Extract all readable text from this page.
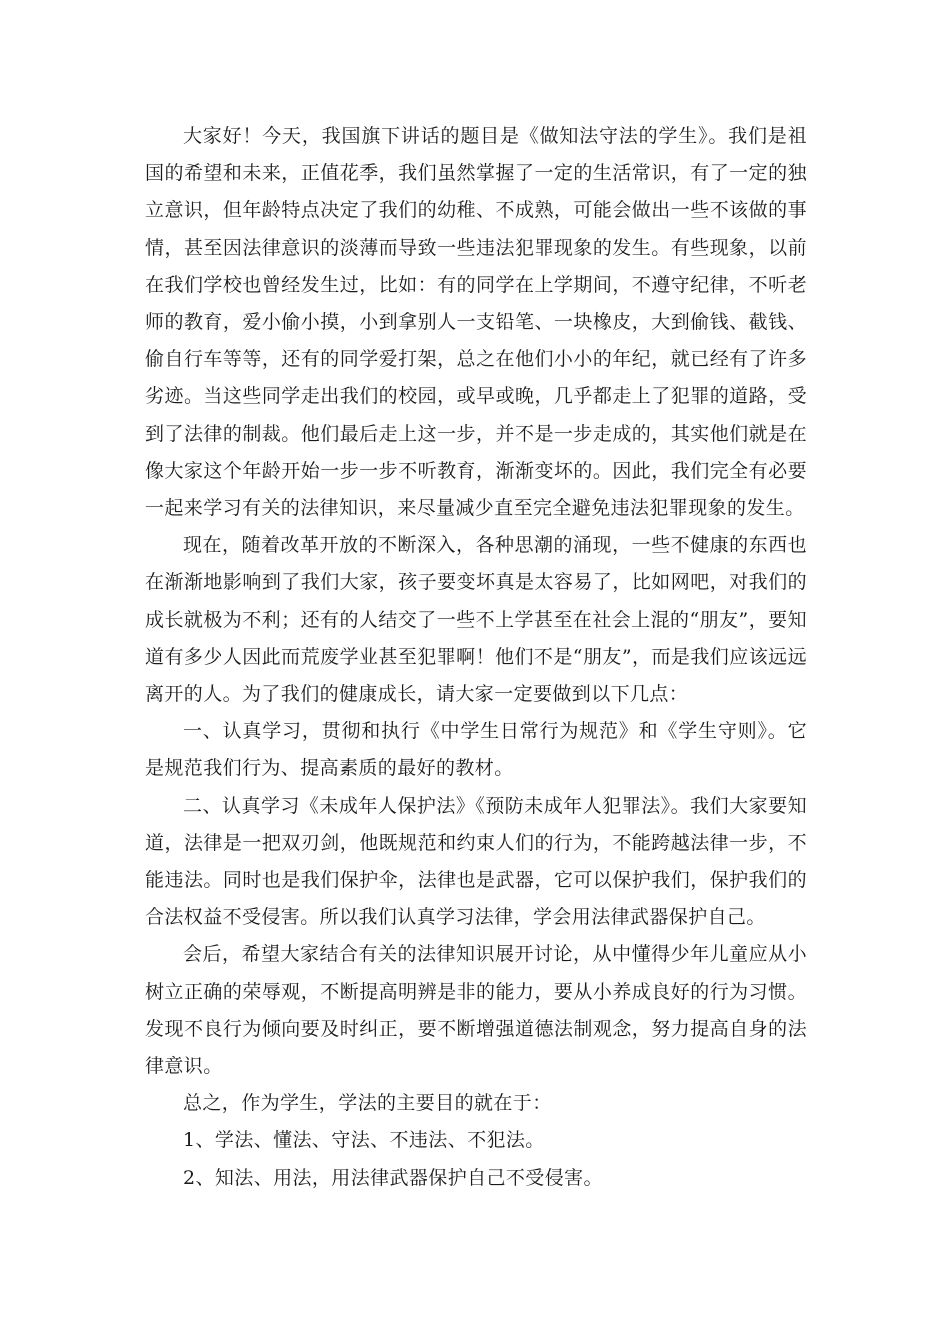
大家好！今天，我国旗下讲话的题目是《做知法守法的学生》。我们是祖国的希望和未来，正值花季，我们虽然掌握了一定的生活常识，有了一定的独立意识，但年龄特点决定了我们的幼稚、不成熟，可能会做出一些不该做的事情，甚至因法律意识的淡薄而导致一些违法犯罪现象的发生。有些现象，以前在我们学校也曾经发生过，比如：有的同学在上学期间，不遵守纪律，不听老师的教育，爱小偷小摸，小到拿别人一支铅笔、一块橡皮，大到偷钱、截钱、偷自行车等等，还有的同学爱打架，总之在他们小小的年纪，就已经有了许多劣迹。当这些同学走出我们的校园，或早或晚，几乎都走上了犯罪的道路，受到了法律的制裁。他们最后走上这一步，并不是一步走成的，其实他们就是在像大家这个年龄开始一步一步不听教育，渐渐变坏的。因此，我们完全有必要一起来学习有关的法律知识，来尽量减少直至完全避免违法犯罪现象的发生。

现在，随着改革开放的不断深入，各种思潮的涌现，一些不健康的东西也在渐渐地影响到了我们大家，孩子要变坏真是太容易了，比如网吧，对我们的成长就极为不利；还有的人结交了一些不上学甚至在社会上混的“朋友”，要知道有多少人因此而荒废学业甚至犯罪啊！他们不是“朋友”，而是我们应该远远离开的人。为了我们的健康成长，请大家一定要做到以下几点：

一、认真学习，贯彻和执行《中学生日常行为规范》和《学生守则》。它是规范我们行为、提高素质的最好的教材。

二、认真学习《未成年人保护法》《预防未成年人犯罪法》。我们大家要知道，法律是一把双刃剑，他既规范和约束人们的行为，不能跨越法律一步，不能违法。同时也是我们保护伞，法律也是武器，它可以保护我们，保护我们的合法权益不受侵害。所以我们认真学习法律，学会用法律武器保护自己。

会后，希望大家结合有关的法律知识展开讨论，从中懂得少年儿童应从小树立正确的荣辱观，不断提高明辨是非的能力，要从小养成良好的行为习惯。发现不良行为倾向要及时纠正，要不断增强道德法制观念，努力提高自身的法律意识。

总之，作为学生，学法的主要目的就在于：

1、学法、懂法、守法、不违法、不犯法。

2、知法、用法，用法律武器保护自己不受侵害。
